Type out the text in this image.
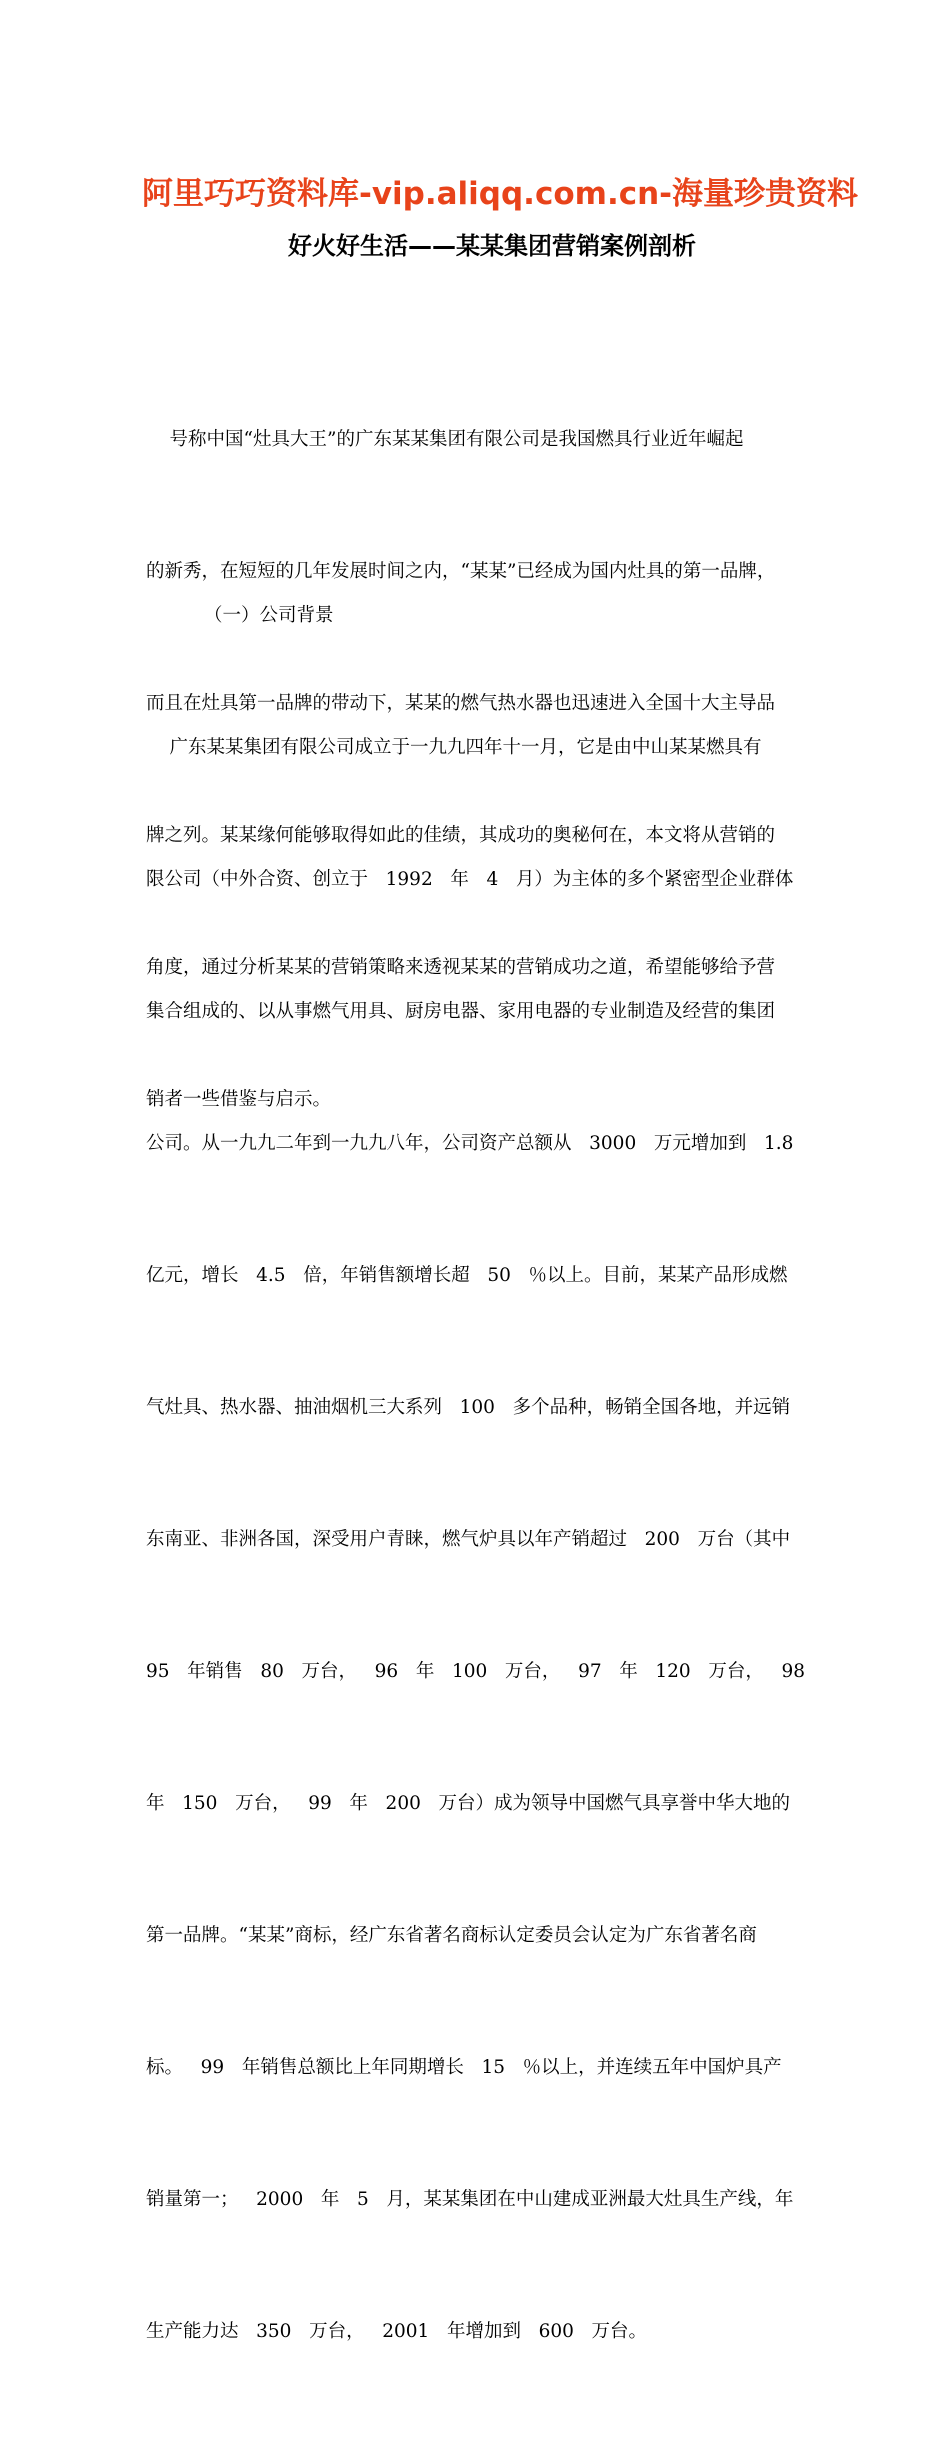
阿里巧巧资料库-vip.aliqq.com.cn-海量珍贵资料
好火好生活——某某集团营销案例剖析

号称中国“灶具大王”的广东某某集团有限公司是我国燃具行业近年崛起

的新秀，在短短的几年发展时间之内，“某某”已经成为国内灶具的第一品牌，

而且在灶具第一品牌的带动下，某某的燃气热水器也迅速进入全国十大主导品

牌之列。某某缘何能够取得如此的佳绩，其成功的奥秘何在，本文将从营销的

角度，通过分析某某的营销策略来透视某某的营销成功之道，希望能够给予营

销者一些借鉴与启示。

（一）公司背景

广东某某集团有限公司成立于一九九四年十一月，它是由中山某某燃具有

限公司（中外合资、创立于   1992   年   4   月）为主体的多个紧密型企业群体

集合组成的、以从事燃气用具、厨房电器、家用电器的专业制造及经营的集团

公司。从一九九二年到一九九八年，公司资产总额从   3000   万元增加到   1.8

亿元，增长   4.5   倍，年销售额增长超   50   ％以上。目前，某某产品形成燃

气灶具、热水器、抽油烟机三大系列   100   多个品种，畅销全国各地，并远销

东南亚、非洲各国，深受用户青睐，燃气炉具以年产销超过   200   万台（其中

95   年销售   80   万台，   96   年   100   万台，   97   年   120   万台，   98

年   150   万台，   99   年   200   万台）成为领导中国燃气具享誉中华大地的

第一品牌。“某某”商标，经广东省著名商标认定委员会认定为广东省著名商

标。   99   年销售总额比上年同期增长   15   ％以上，并连续五年中国炉具产

销量第一；   2000   年   5   月，某某集团在中山建成亚洲最大灶具生产线，年

生产能力达   350   万台，   2001   年增加到   600   万台。
